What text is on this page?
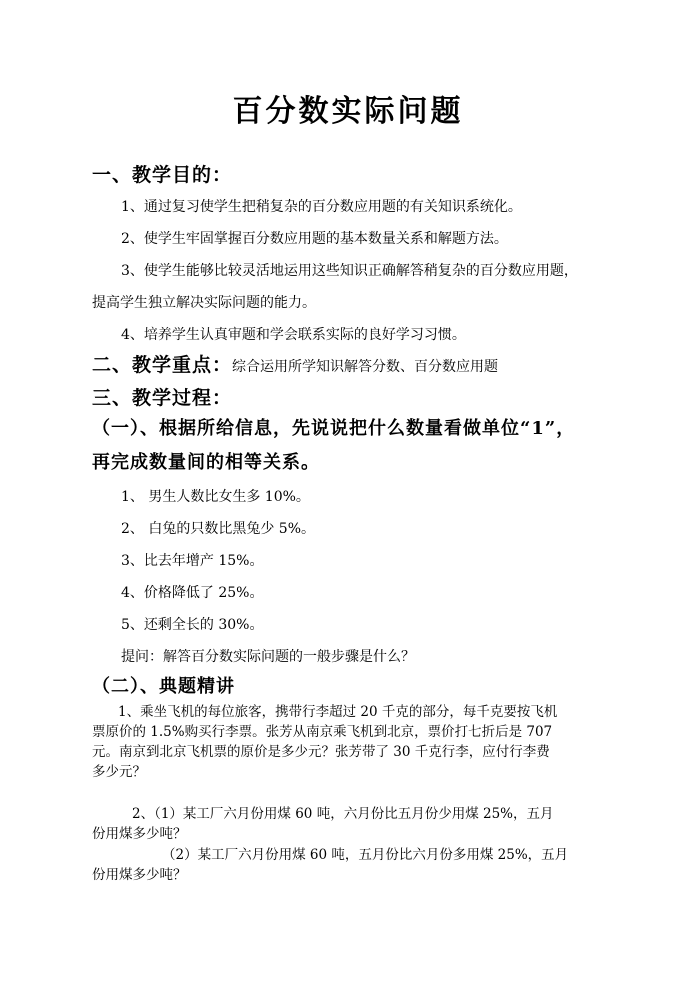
百分数实际问题
一、教学目的：
1、通过复习使学生把稍复杂的百分数应用题的有关知识系统化。
2、使学生牢固掌握百分数应用题的基本数量关系和解题方法。
3、使学生能够比较灵活地运用这些知识正确解答稍复杂的百分数应用题，
提高学生独立解决实际问题的能力。
4、培养学生认真审题和学会联系实际的良好学习习惯。
二、教学重点：综合运用所学知识解答分数、百分数应用题
三、教学过程：
（一）、根据所给信息，先说说把什么数量看做单位“1”，
再完成数量间的相等关系。
1、 男生人数比女生多 10%。
2、 白兔的只数比黑兔少 5%。
3、比去年增产 15%。
4、价格降低了 25%。
5、还剩全长的 30%。
提问：解答百分数实际问题的一般步骤是什么？
（二）、典题精讲
1、乘坐飞机的每位旅客，携带行李超过 20 千克的部分，每千克要按飞机
票原价的 1.5%购买行李票。张芳从南京乘飞机到北京，票价打七折后是 707
元。南京到北京飞机票的原价是多少元？张芳带了 30 千克行李，应付行李费
多少元？
2、（1）某工厂六月份用煤 60 吨，六月份比五月份少用煤 25%，五月
份用煤多少吨？
（2）某工厂六月份用煤 60 吨，五月份比六月份多用煤 25%，五月
份用煤多少吨？
